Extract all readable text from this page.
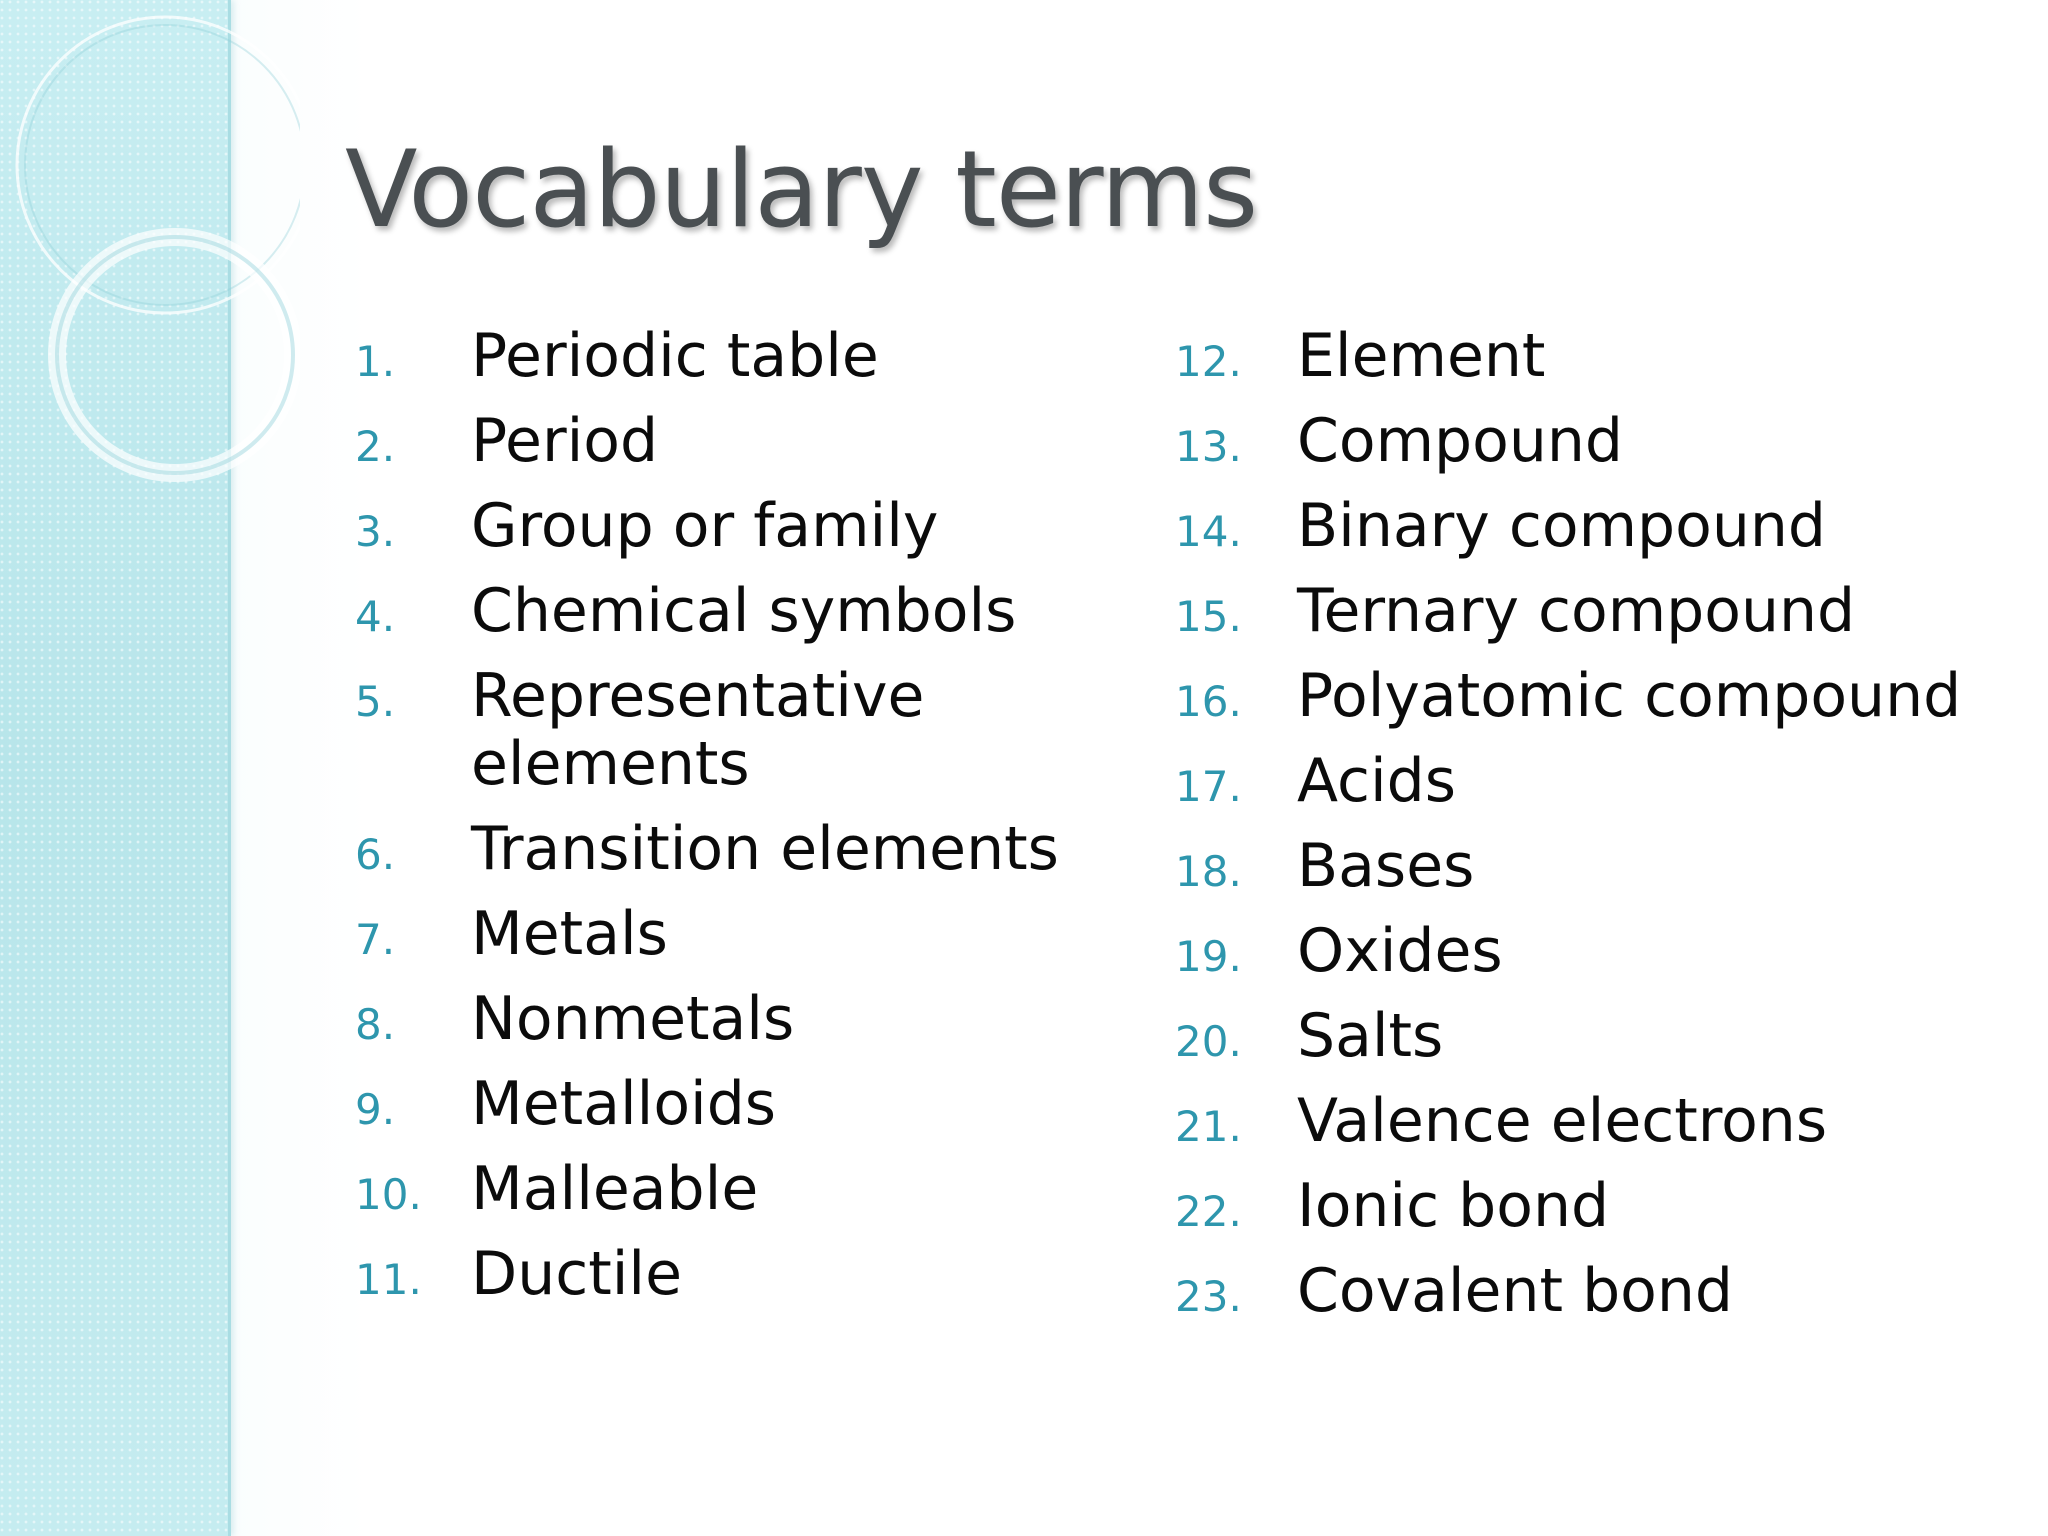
Vocabulary terms
1.	Periodic table
2.	Period
3.	Group or family
4.	Chemical symbols
5.	Representative elements
6.	Transition elements
7.	Metals
8.	Nonmetals
9.	Metalloids
10. Malleable
11. Ductile
12. Element
13. Compound
14. Binary compound
15. Ternary compound
16. Polyatomic compound
17. Acids
18. Bases
19. Oxides
20. Salts
21. Valence electrons
22. Ionic bond
23. Covalent bond
